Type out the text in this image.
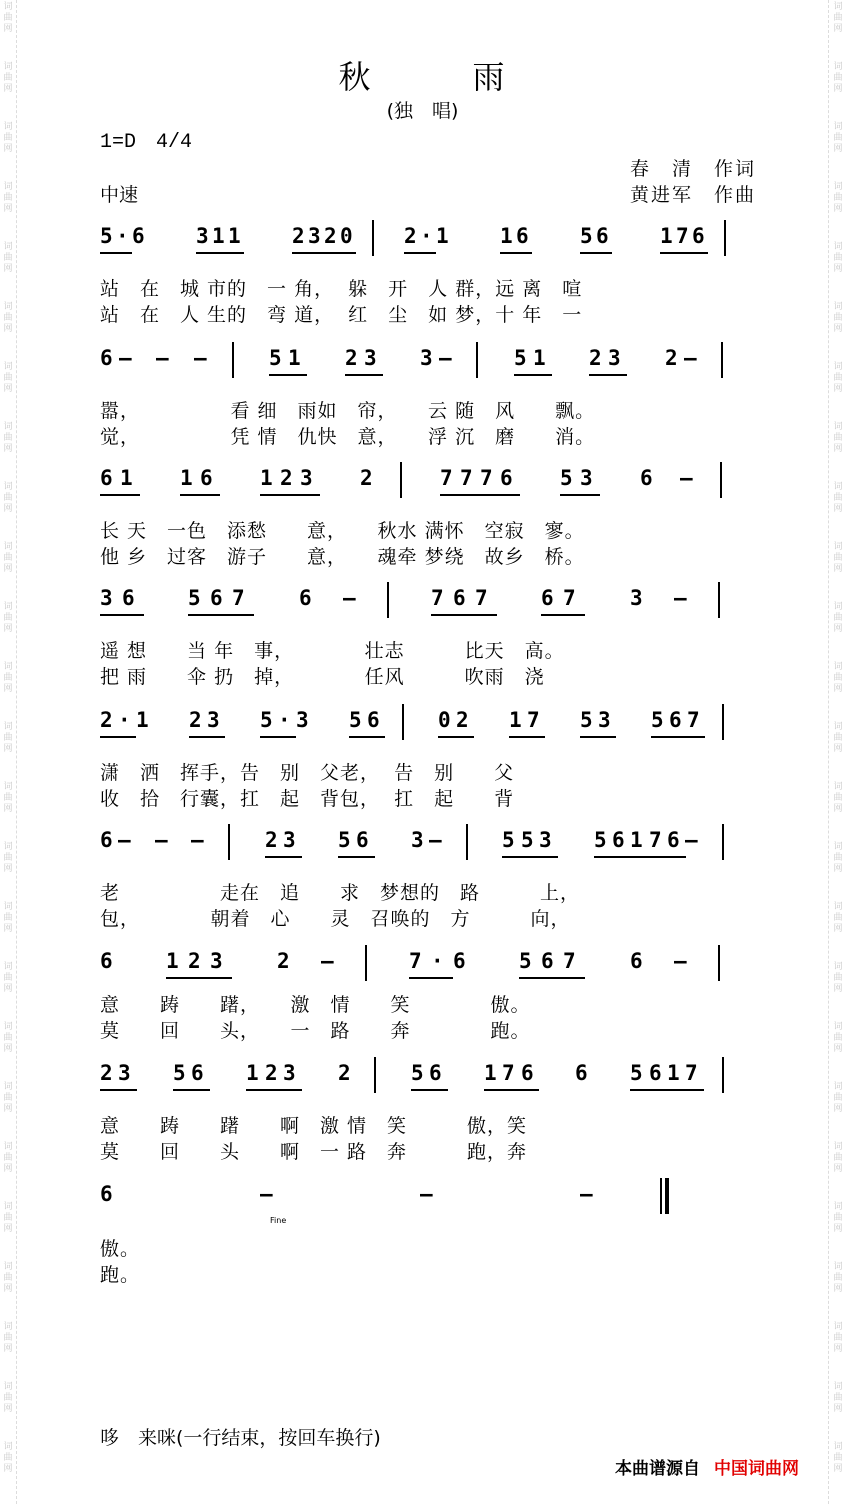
词
曲
网
词
曲
网
词
曲
网
词
曲
网
词
曲
网
词
曲
网
词
曲
网
词
曲
网
词
曲
网
词
曲
网
词
曲
网
词
曲
网
词
曲
网
词
曲
网
词
曲
网
词
曲
网
词
曲
网
词
曲
网
词
曲
网
词
曲
网
词
曲
网
词
曲
网
词
曲
网
词
曲
网
词
曲
网
词
曲
网
词
曲
网
词
曲
网
词
曲
网
词
曲
网
词
曲
网
词
曲
网
词
曲
网
词
曲
网
词
曲
网
词
曲
网
词
曲
网
词
曲
网
词
曲
网
词
曲
网
词
曲
网
词
曲
网
词
曲
网
词
曲
网
词
曲
网
词
曲
网
词
曲
网
词
曲
网
词
曲
网
词
曲
网
秋	雨
(独　唱)
1=D　4/4
春　清　作词
黄进军　作曲
中速
5 · 6 3 1 1 2 3 2 0 2 · 1 1 6 5 6 1 7 6
站　在　城 市的　一 角，  躲　开　人 群，远 离　喧
站　在　人 生的　弯 道，  红　尘　如 梦，十 年　一
6 — — —	5 1 2 3 3 —	5 1 2 3 2 —
嚣，　　　　　看 细　雨如　帘，　　云 随　风　　飘。
觉，　　　　　凭 情　仇快　意，　　浮 沉　磨　　消。
6 1 1 6 1 2 3 2	7 7 7 6 5 3 6 —
长 天　一色　添愁　　意，　　秋水 满怀　空寂　寥。
他 乡　过客　游子　　意，　　魂牵 梦绕　故乡　桥。
3 6	5 6 7	6 —	7 6 7	6 7	3 —
遥 想　　当 年　事，　　　　壮志　　　比天　高。
把 雨　　伞 扔　掉，　　　　任风　　　吹雨　浇
2 · 1 2 3 5 · 3 5 6	0 2 1 7 5 3 5 6 7
潇　洒　挥手，告　别　父老，  告　别　　父
收　拾　行囊，扛　起　背包，  扛　起　　背
6 — — —	2 3 5 6 3 —	5 5 3 5 6 1 7 6 —
老　　　　　走在　追　　求　梦想的　路　　　上，
包，　　　　朝着　心　　灵　召唤的　方　　　向，
6	1 2 3	2 —	7 · 6	5 6 7	6 —
意　　踌　　躇，　　激　情　　笑　　　　傲。
莫　　回　　头，　　一　路　　奔　　　　跑。
2 3 5 6 1 2 3 2	5 6 1 7 6 6 5 6 1 7
意　　踌　　躇　　啊　激 情　笑　　　傲，笑
莫　　回　　头　　啊　一 路　奔　　　跑，奔
6	—	—	—
Fine
傲。
跑。
哆　来咪(一行结束，按回车换行)
本曲谱源自 中国词曲网
